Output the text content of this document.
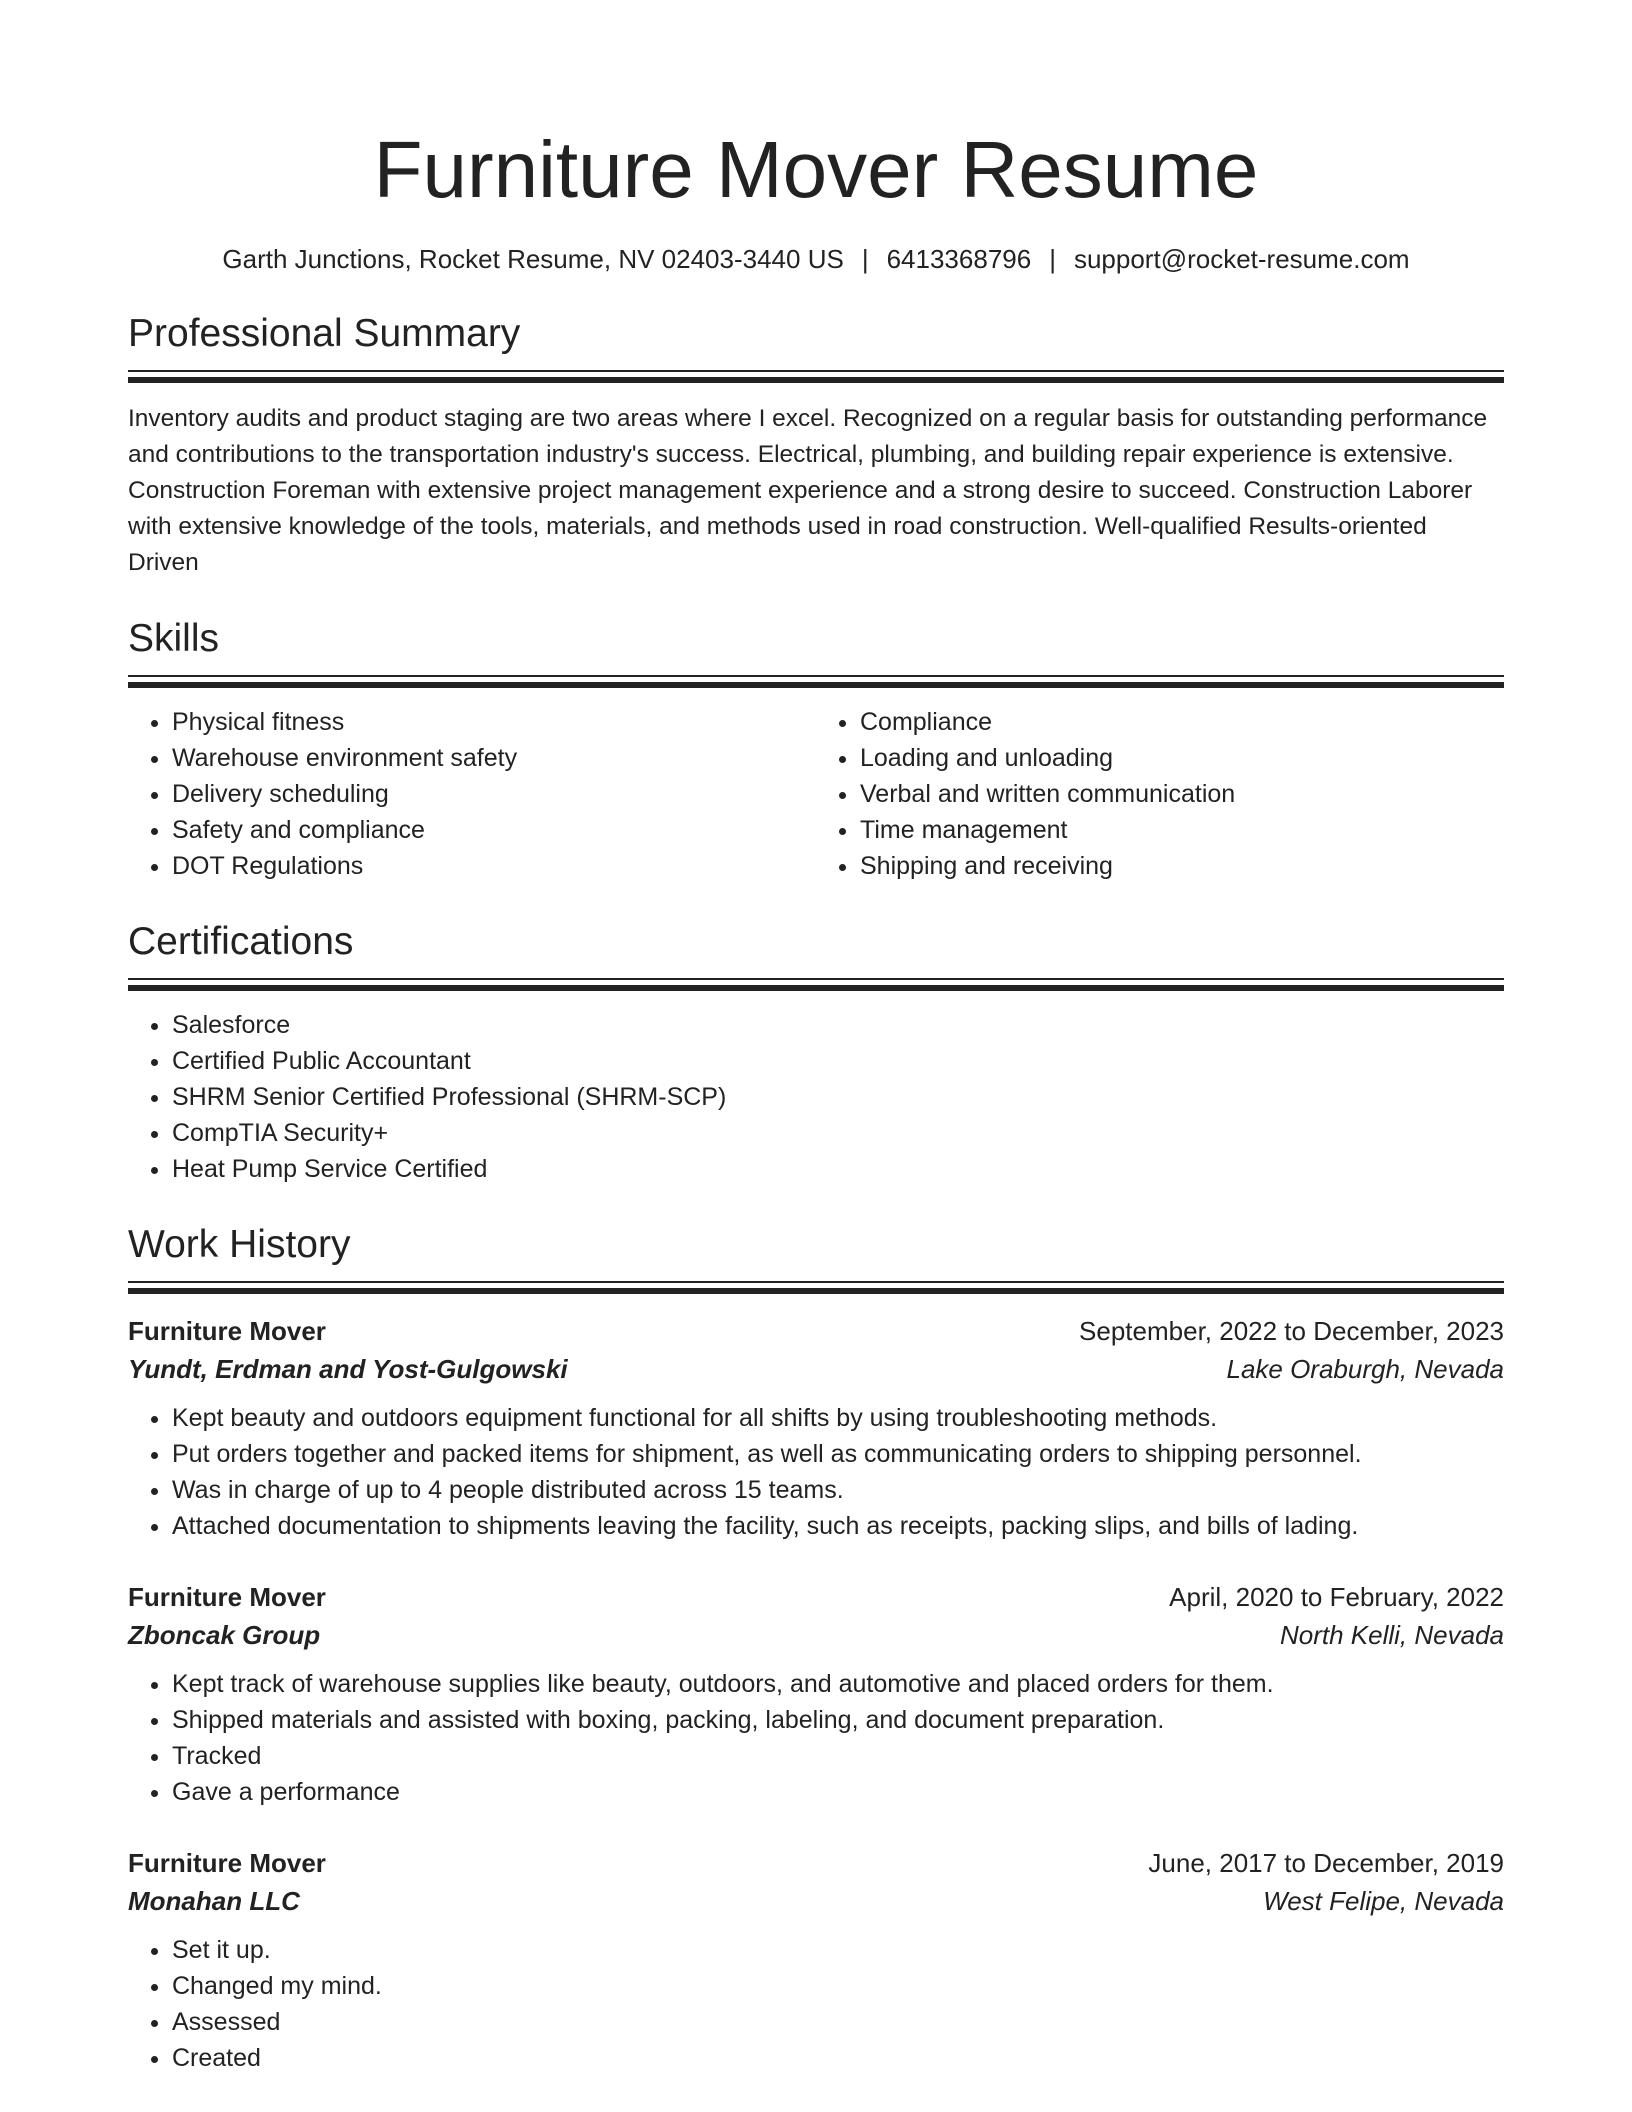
Furniture Mover Resume
Garth Junctions, Rocket Resume, NV 02403-3440 US | 6413368796 | support@rocket-resume.com
Professional Summary
Inventory audits and product staging are two areas where I excel. Recognized on a regular basis for outstanding performance and contributions to the transportation industry's success. Electrical, plumbing, and building repair experience is extensive. Construction Foreman with extensive project management experience and a strong desire to succeed. Construction Laborer with extensive knowledge of the tools, materials, and methods used in road construction. Well-qualified Results-oriented Driven
Skills
• Physical fitness
• Warehouse environment safety
• Delivery scheduling
• Safety and compliance
• DOT Regulations
• Compliance
• Loading and unloading
• Verbal and written communication
• Time management
• Shipping and receiving
Certifications
• Salesforce
• Certified Public Accountant
• SHRM Senior Certified Professional (SHRM-SCP)
• CompTIA Security+
• Heat Pump Service Certified
Work History
Furniture Mover	September, 2022 to December, 2023
Yundt, Erdman and Yost-Gulgowski	Lake Oraburgh, Nevada
• Kept beauty and outdoors equipment functional for all shifts by using troubleshooting methods.
• Put orders together and packed items for shipment, as well as communicating orders to shipping personnel.
• Was in charge of up to 4 people distributed across 15 teams.
• Attached documentation to shipments leaving the facility, such as receipts, packing slips, and bills of lading.
Furniture Mover	April, 2020 to February, 2022
Zboncak Group	North Kelli, Nevada
• Kept track of warehouse supplies like beauty, outdoors, and automotive and placed orders for them.
• Shipped materials and assisted with boxing, packing, labeling, and document preparation.
• Tracked
• Gave a performance
Furniture Mover	June, 2017 to December, 2019
Monahan LLC	West Felipe, Nevada
• Set it up.
• Changed my mind.
• Assessed
• Created
